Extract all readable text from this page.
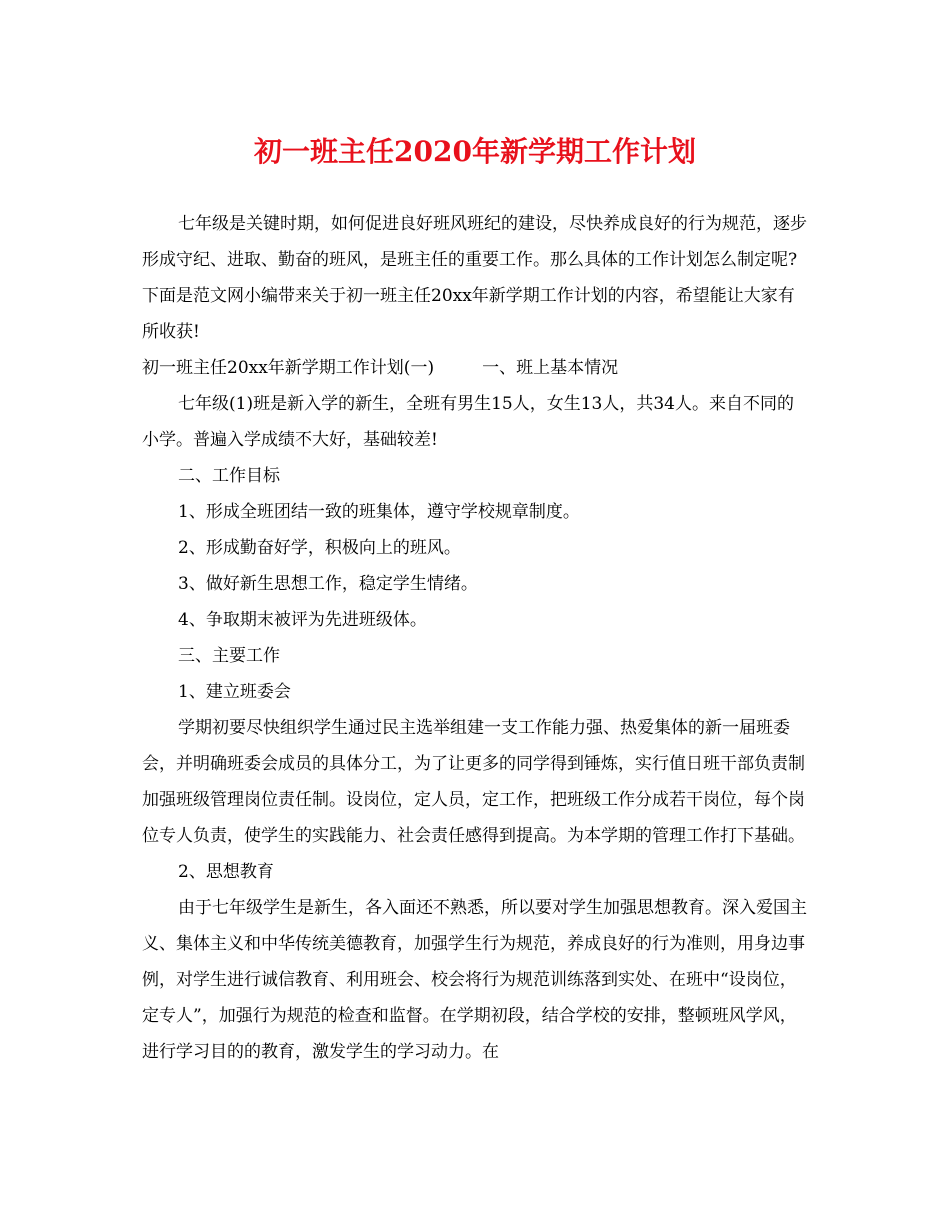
初一班主任2020年新学期工作计划

七年级是关键时期，如何促进良好班风班纪的建设，尽快养成良好的行为规范，逐步形成守纪、进取、勤奋的班风，是班主任的重要工作。那么具体的工作计划怎么制定呢?下面是范文网小编带来关于初一班主任20xx年新学期工作计划的内容，希望能让大家有所收获!

初一班主任20xx年新学期工作计划(一)	一、班上基本情况

七年级(1)班是新入学的新生，全班有男生15人，女生13人，共34人。来自不同的小学。普遍入学成绩不大好，基础较差!

二、工作目标

1、形成全班团结一致的班集体，遵守学校规章制度。

2、形成勤奋好学，积极向上的班风。

3、做好新生思想工作，稳定学生情绪。

4、争取期末被评为先进班级体。

三、主要工作

1、建立班委会

学期初要尽快组织学生通过民主选举组建一支工作能力强、热爱集体的新一届班委会，并明确班委会成员的具体分工，为了让更多的同学得到锤炼，实行值日班干部负责制加强班级管理岗位责任制。设岗位，定人员，定工作，把班级工作分成若干岗位，每个岗位专人负责，使学生的实践能力、社会责任感得到提高。为本学期的管理工作打下基础。

2、思想教育

由于七年级学生是新生，各入面还不熟悉，所以要对学生加强思想教育。深入爱国主义、集体主义和中华传统美德教育，加强学生行为规范，养成良好的行为准则，用身边事例，对学生进行诚信教育、利用班会、校会将行为规范训练落到实处、在班中“设岗位，定专人”，加强行为规范的检查和监督。在学期初段，结合学校的安排，整顿班风学风，进行学习目的的教育，激发学生的学习动力。在
